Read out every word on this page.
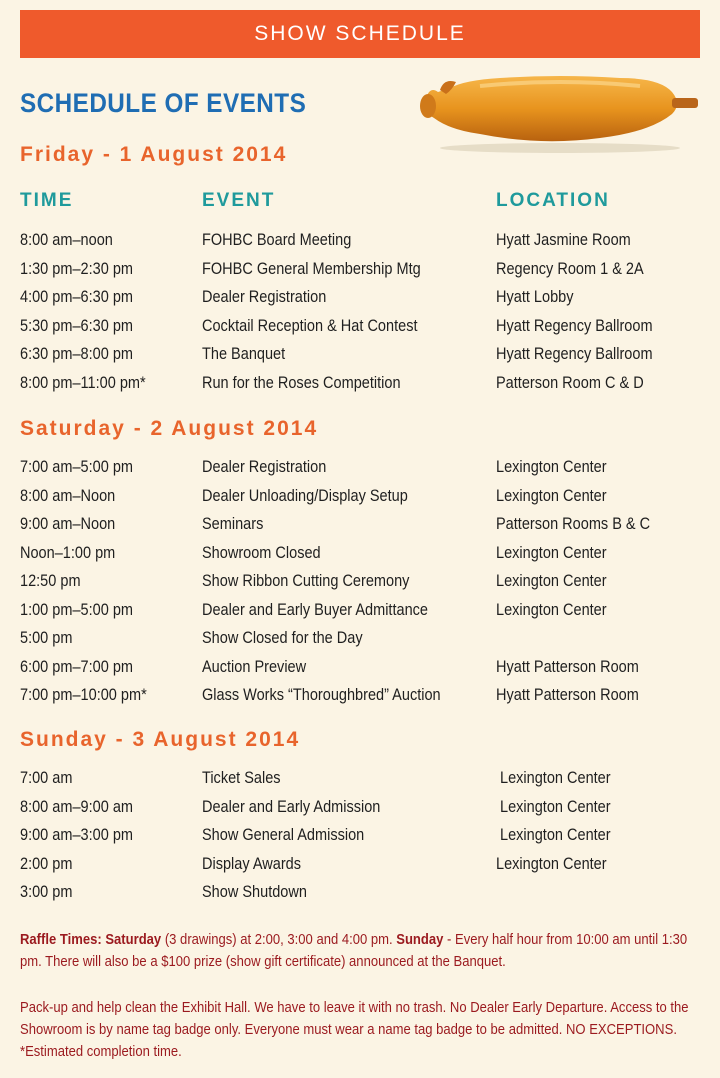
SHOW SCHEDULE
SCHEDULE OF EVENTS
Friday - 1 August 2014
TIME	EVENT	LOCATION
8:00 am–noon	FOHBC Board Meeting	Hyatt Jasmine Room
1:30 pm–2:30 pm	FOHBC General Membership Mtg	Regency Room 1 & 2A
4:00 pm–6:30 pm	Dealer Registration	Hyatt Lobby
5:30 pm–6:30 pm	Cocktail Reception & Hat Contest	Hyatt Regency Ballroom
6:30 pm–8:00 pm	The Banquet	Hyatt Regency Ballroom
8:00 pm–11:00 pm*	Run for the Roses Competition	Patterson Room C & D
Saturday - 2 August 2014
7:00 am–5:00 pm	Dealer Registration	Lexington Center
8:00 am–Noon	Dealer Unloading/Display Setup	Lexington Center
9:00 am–Noon	Seminars	Patterson Rooms B & C
Noon–1:00 pm	Showroom Closed	Lexington Center
12:50 pm	Show Ribbon Cutting Ceremony	Lexington Center
1:00 pm–5:00 pm	Dealer and Early Buyer Admittance	Lexington Center
5:00 pm	Show Closed for the Day
6:00 pm–7:00 pm	Auction Preview	Hyatt Patterson Room
7:00 pm–10:00 pm*	Glass Works “Thoroughbred” Auction	Hyatt Patterson Room
Sunday - 3 August 2014
7:00 am	Ticket Sales	Lexington Center
8:00 am–9:00 am	Dealer and Early Admission	Lexington Center
9:00 am–3:00 pm	Show General Admission	Lexington Center
2:00 pm	Display Awards	Lexington Center
3:00 pm	Show Shutdown
Raffle Times: Saturday (3 drawings) at 2:00, 3:00 and 4:00 pm. Sunday - Every half hour from 10:00 am until 1:30 pm. There will also be a $100 prize (show gift certificate) announced at the Banquet.
Pack-up and help clean the Exhibit Hall. We have to leave it with no trash. No Dealer Early Departure. Access to the Showroom is by name tag badge only. Everyone must wear a name tag badge to be admitted. NO EXCEPTIONS. *Estimated completion time.
